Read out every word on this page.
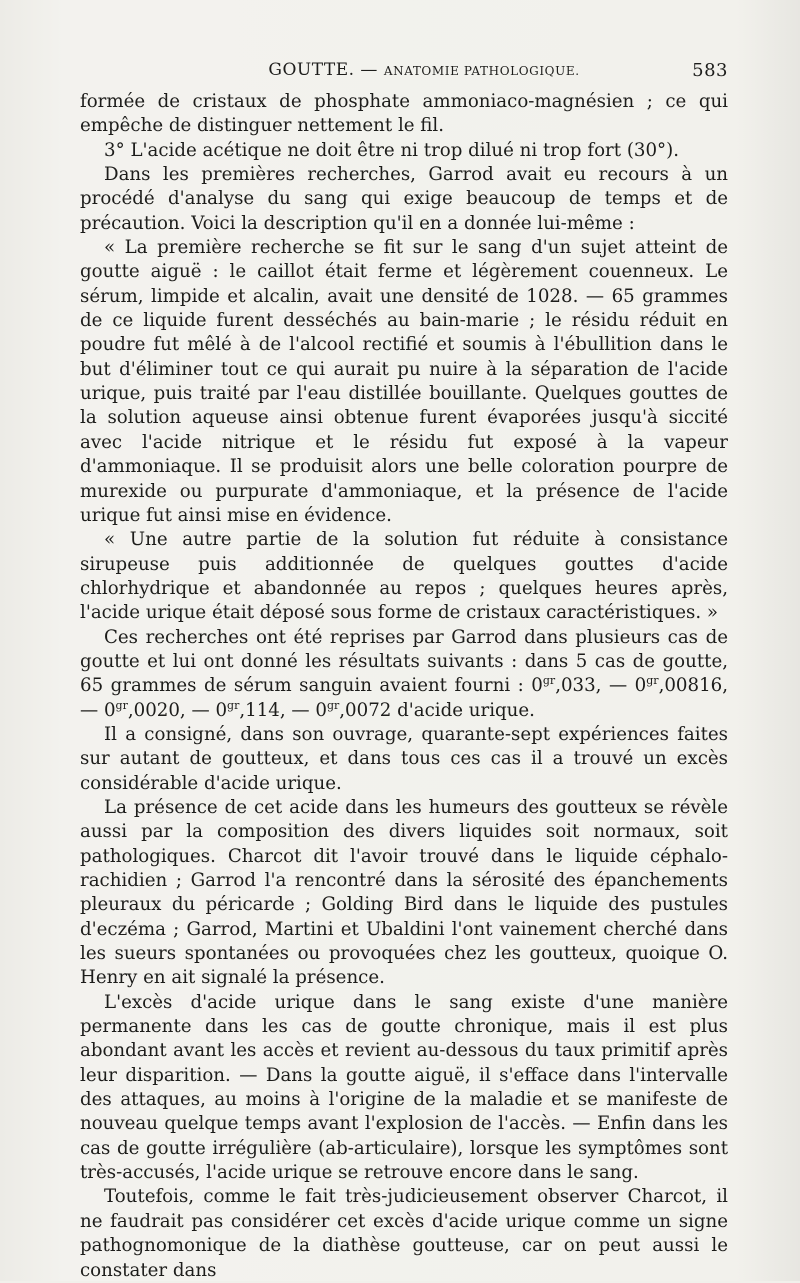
GOUTTE. — ANATOMIE PATHOLOGIQUE.	583

formée de cristaux de phosphate ammoniaco-magnésien ; ce qui empêche de distinguer nettement le fil.

3° L'acide acétique ne doit être ni trop dilué ni trop fort (30°).

Dans les premières recherches, Garrod avait eu recours à un procédé d'analyse du sang qui exige beaucoup de temps et de précaution. Voici la description qu'il en a donnée lui-même :

« La première recherche se fit sur le sang d'un sujet atteint de goutte aiguë : le caillot était ferme et légèrement couenneux. Le sérum, limpide et alcalin, avait une densité de 1028. — 65 grammes de ce liquide furent desséchés au bain-marie ; le résidu réduit en poudre fut mêlé à de l'alcool rectifié et soumis à l'ébullition dans le but d'éliminer tout ce qui aurait pu nuire à la séparation de l'acide urique, puis traité par l'eau distillée bouillante. Quelques gouttes de la solution aqueuse ainsi obtenue furent évaporées jusqu'à siccité avec l'acide nitrique et le résidu fut exposé à la vapeur d'ammoniaque. Il se produisit alors une belle coloration pourpre de murexide ou purpurate d'ammoniaque, et la présence de l'acide urique fut ainsi mise en évidence.

« Une autre partie de la solution fut réduite à consistance sirupeuse puis additionnée de quelques gouttes d'acide chlorhydrique et abandonnée au repos ; quelques heures après, l'acide urique était déposé sous forme de cristaux caractéristiques. »

Ces recherches ont été reprises par Garrod dans plusieurs cas de goutte et lui ont donné les résultats suivants : dans 5 cas de goutte, 65 grammes de sérum sanguin avaient fourni : $0^{gr},033$, — $0^{gr},00816$, — $0^{gr},0020$, — $0^{gr},114$, — $0^{gr},0072$ d'acide urique.

Il a consigné, dans son ouvrage, quarante-sept expériences faites sur autant de goutteux, et dans tous ces cas il a trouvé un excès considérable d'acide urique.

La présence de cet acide dans les humeurs des goutteux se révèle aussi par la composition des divers liquides soit normaux, soit pathologiques. Charcot dit l'avoir trouvé dans le liquide céphalo-rachidien ; Garrod l'a rencontré dans la sérosité des épanchements pleuraux du péricarde ; Golding Bird dans le liquide des pustules d'eczéma ; Garrod, Martini et Ubaldini l'ont vainement cherché dans les sueurs spontanées ou provoquées chez les goutteux, quoique O. Henry en ait signalé la présence.

L'excès d'acide urique dans le sang existe d'une manière permanente dans les cas de goutte chronique, mais il est plus abondant avant les accès et revient au-dessous du taux primitif après leur disparition. — Dans la goutte aiguë, il s'efface dans l'intervalle des attaques, au moins à l'origine de la maladie et se manifeste de nouveau quelque temps avant l'explosion de l'accès. — Enfin dans les cas de goutte irrégulière (ab-articulaire), lorsque les symptômes sont très-accusés, l'acide urique se retrouve encore dans le sang.

Toutefois, comme le fait très-judicieusement observer Charcot, il ne faudrait pas considérer cet excès d'acide urique comme un signe pathognomonique de la diathèse goutteuse, car on peut aussi le constater dans
